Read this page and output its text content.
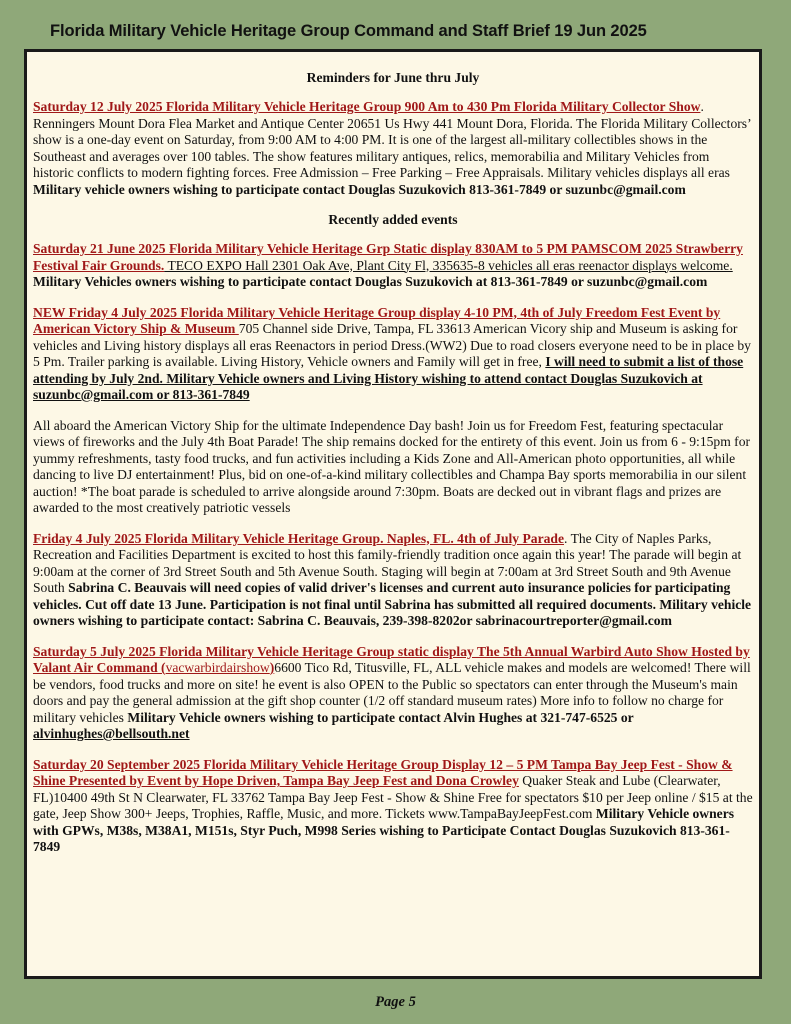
Florida Military Vehicle Heritage Group Command and Staff Brief 19 Jun 2025
Reminders for June thru July

Saturday 12 July 2025 Florida Military Vehicle Heritage Group 900 Am to 430 Pm Florida Military Collector Show. Renningers Mount Dora Flea Market and Antique Center 20651 Us Hwy 441 Mount Dora, Florida. The Florida Military Collectors’ show is a one-day event on Saturday, from 9:00 AM to 4:00 PM. It is one of the largest all-military collectibles shows in the Southeast and averages over 100 tables. The show features military antiques, relics, memorabilia and Military Vehicles from historic conflicts to modern fighting forces. Free Admission – Free Parking – Free Appraisals. Military vehicles displays all eras Military vehicle owners wishing to participate contact Douglas Suzukovich 813-361-7849 or suzunbc@gmail.com

Recently added events

Saturday 21 June 2025 Florida Military Vehicle Heritage Grp Static display 830AM to 5 PM PAMSCOM 2025 Strawberry Festival Fair Grounds. TECO EXPO Hall 2301 Oak Ave, Plant City Fl, 335635-8 vehicles all eras reenactor displays welcome. Military Vehicles owners wishing to participate contact Douglas Suzukovich at 813-361-7849 or suzunbc@gmail.com

NEW Friday 4 July 2025 Florida Military Vehicle Heritage Group display 4-10 PM, 4th of July Freedom Fest Event by American Victory Ship & Museum 705 Channel side Drive, Tampa, FL 33613 American Vicory ship and Museum is asking for vehicles and Living history displays all eras Reenactors in period Dress.(WW2) Due to road closers everyone need to be in place by 5 Pm. Trailer parking is available. Living History, Vehicle owners and Family will get in free, I will need to submit a list of those attending by July 2nd. Military Vehicle owners and Living History wishing to attend contact Douglas Suzukovich at suzunbc@gmail.com or 813-361-7849

All aboard the American Victory Ship for the ultimate Independence Day bash! Join us for Freedom Fest, featuring spectacular views of fireworks and the July 4th Boat Parade! The ship remains docked for the entirety of this event. Join us from 6 - 9:15pm for yummy refreshments, tasty food trucks, and fun activities including a Kids Zone and All-American photo opportunities, all while dancing to live DJ entertainment! Plus, bid on one-of-a-kind military collectibles and Champa Bay sports memorabilia in our silent auction! *The boat parade is scheduled to arrive alongside around 7:30pm. Boats are decked out in vibrant flags and prizes are awarded to the most creatively patriotic vessels

Friday 4 July 2025 Florida Military Vehicle Heritage Group. Naples, FL. 4th of July Parade. The City of Naples Parks, Recreation and Facilities Department is excited to host this family-friendly tradition once again this year! The parade will begin at 9:00am at the corner of 3rd Street South and 5th Avenue South. Staging will begin at 7:00am at 3rd Street South and 9th Avenue South Sabrina C. Beauvais will need copies of valid driver's licenses and current auto insurance policies for participating vehicles. Cut off date 13 June. Participation is not final until Sabrina has submitted all required documents. Military vehicle owners wishing to participate contact: Sabrina C. Beauvais, 239-398-8202or sabrinacourtreporter@gmail.com

Saturday 5 July 2025 Florida Military Vehicle Heritage Group static display The 5th Annual Warbird Auto Show Hosted by Valant Air Command (vacwarbirdairshow)6600 Tico Rd, Titusville, FL, ALL vehicle makes and models are welcomed! There will be vendors, food trucks and more on site! he event is also OPEN to the Public so spectators can enter through the Museum's main doors and pay the general admission at the gift shop counter (1/2 off standard museum rates) More info to follow no charge for military vehicles Military Vehicle owners wishing to participate contact Alvin Hughes at 321-747-6525 or alvinhughes@bellsouth.net

Saturday 20 September 2025 Florida Military Vehicle Heritage Group Display 12 – 5 PM Tampa Bay Jeep Fest - Show & Shine Presented by Event by Hope Driven, Tampa Bay Jeep Fest and Dona Crowley Quaker Steak and Lube (Clearwater, FL)10400 49th St N Clearwater, FL 33762 Tampa Bay Jeep Fest - Show & Shine Free for spectators $10 per Jeep online / $15 at the gate, Jeep Show 300+ Jeeps, Trophies, Raffle, Music, and more. Tickets www.TampaBayJeepFest.com Military Vehicle owners with GPWs, M38s, M38A1, M151s, Styr Puch, M998 Series wishing to Participate Contact Douglas Suzukovich 813-361-7849

Page 5
